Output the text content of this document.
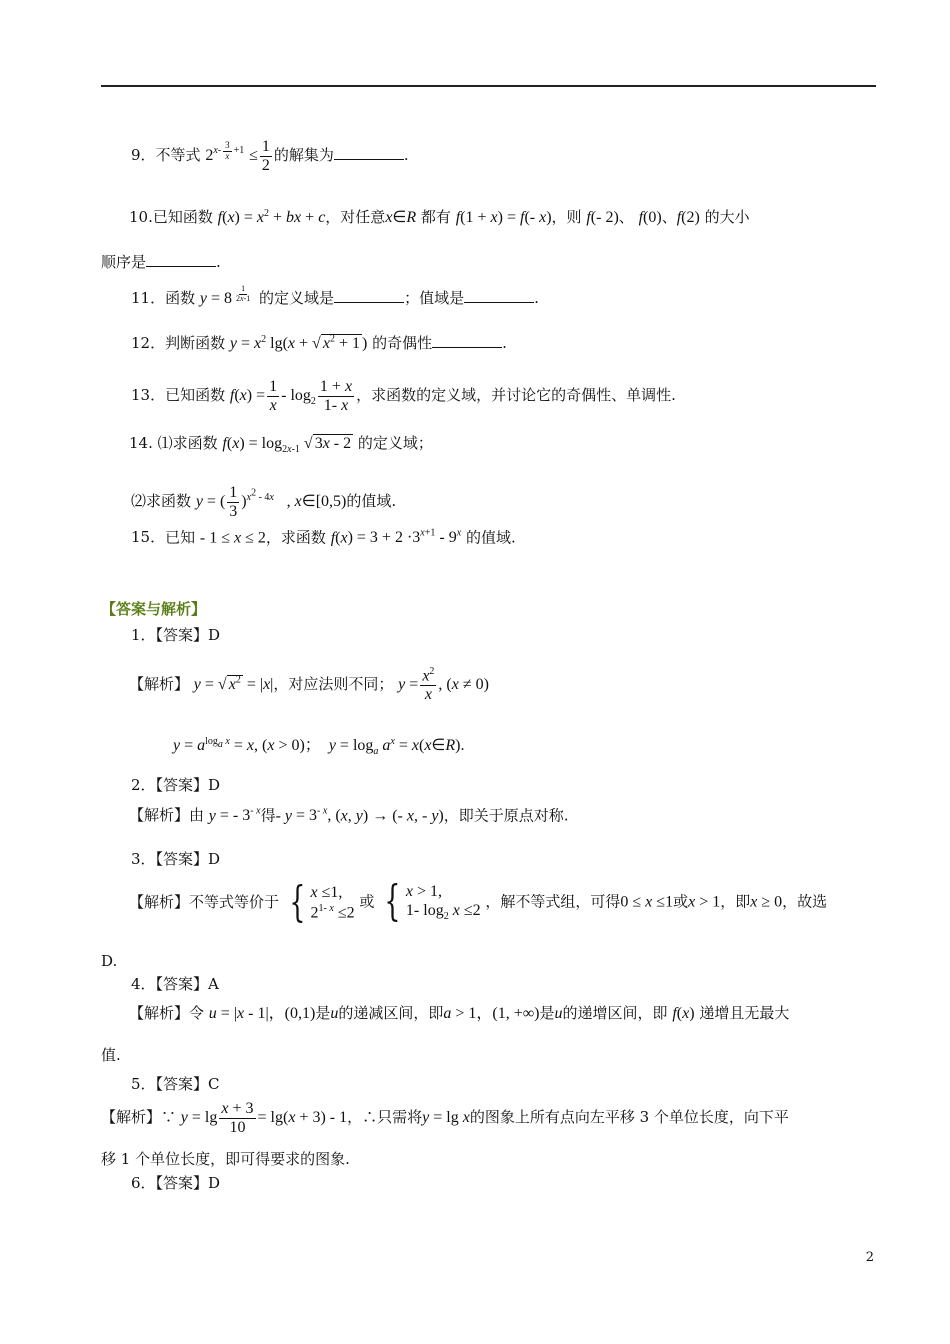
9．不等式 $2^{x- \frac{3}{x} +1} \le \frac{1}{2}$ 的解集为	.
10.已知函数 $f(x) = x^2$ + bx + c，对任意x∈R 都有 f(1 + x) = f(- x)，则 f(- 2)、 f(0)、f(2) 的大小
顺序是	.
11．函数 y = 8 $^{\frac{1}{2x-1}}$ 的定义域是	；值域是	.
12．判断函数 $y = x^2$ lg(x + √ $x^2 + 1$ ) 的奇偶性	.
13．已知函数 $f(x) = \frac{1}{x} - \log_2 \frac{1 + x}{1- x}$ ，求函数的定义域，并讨论它的奇偶性、单调性.
14. ⑴求函数 $f(x) = \log_{2x-1}$ √ 3x - 2 的定义域；
⑵求函数 y = ( $\frac{1}{3} )^{x^2 - 4x}$   , x∈[0,5)的值域.
15．已知 - 1 ≤ x ≤ 2，求函数 $f(x) = 3 + 2 \cdot 3^{x+1} - 9^x$ 的值域.
【答案与解析】
1．【答案】D
【解析】 y = √ $x^2 = |x|$，对应法则不同； $y = \frac{x^2}{x}$ , (x ≠ 0)
$y = a^{log_a x} = x$, (x > 0)；  $y = \log_a a^x$ = x(x∈R).
2．【答案】D
【解析】由 y = - $3^{- x}$得- $y = 3^{- x}$, (x, y) → (- x, - y)，即关于原点对称.
3．【答案】D
【解析】不等式等价于 { x ≤1,
$2^{1- x} \le 2$
或 { x > 1,
1- $\log_2 x \le 2$ ，解不等式组，可得0 ≤ x ≤1或x > 1，即x ≥ 0，故选
D.
4．【答案】A
【解析】令 u = |x - 1|，(0,1)是u的递减区间，即a > 1，(1, +∞)是u的递增区间，即 f(x) 递增且无最大
值.
5．【答案】C
【解析】∵ $y = \lg \frac{x + 3}{10} = \lg(x + 3) - 1$，∴只需将y = lg x的图象上所有点向左平移 3 个单位长度，向下平
移 1 个单位长度，即可得要求的图象.
6．【答案】D
2
